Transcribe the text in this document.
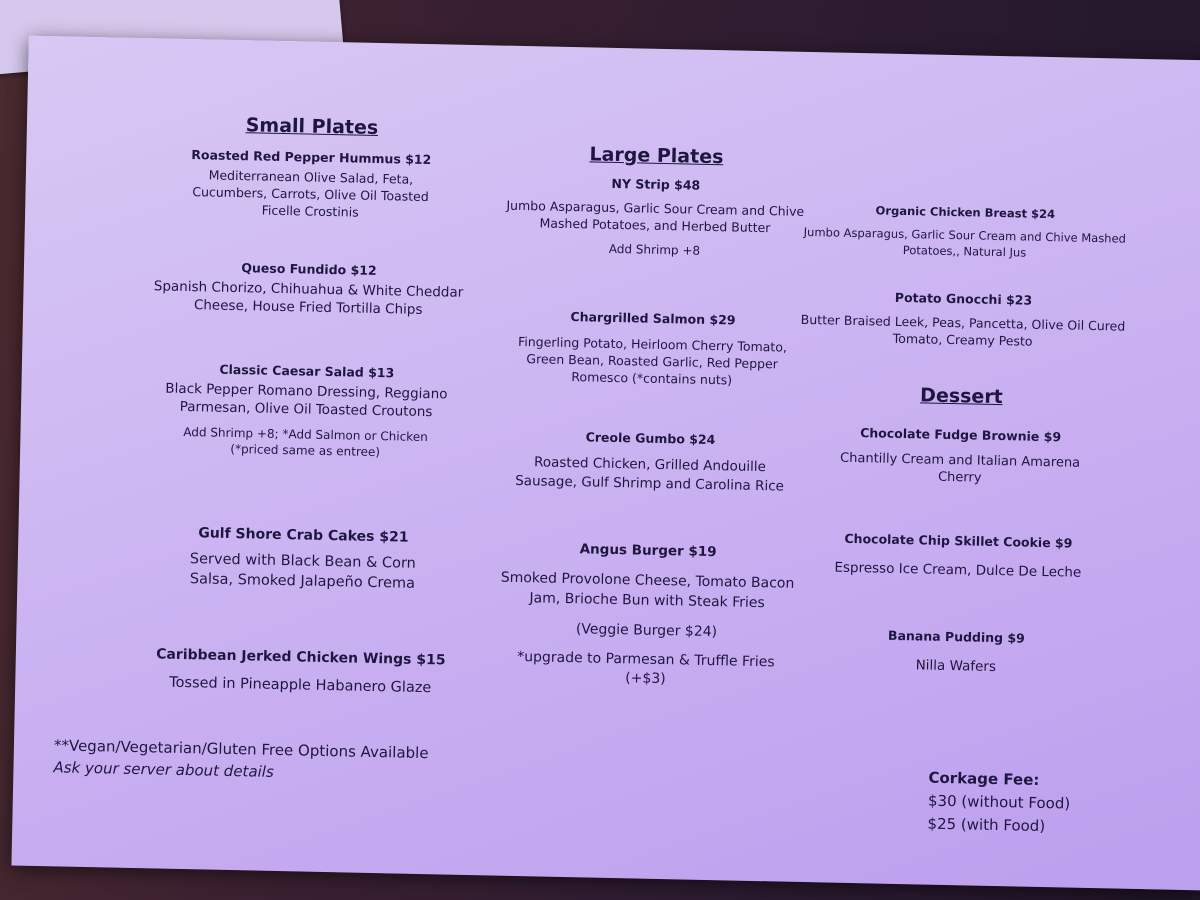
Small Plates

Roasted Red Pepper Hummus $12

Mediterranean Olive Salad, Feta, Cucumbers, Carrots, Olive Oil Toasted Ficelle Crostinis

Queso Fundido $12

Spanish Chorizo, Chihuahua & White Cheddar Cheese, House Fried Tortilla Chips

Classic Caesar Salad $13

Black Pepper Romano Dressing, Reggiano Parmesan, Olive Oil Toasted Croutons

Add Shrimp +8; *Add Salmon or Chicken (*priced same as entree)

Gulf Shore Crab Cakes $21

Served with Black Bean & Corn Salsa, Smoked Jalapeño Crema

Caribbean Jerked Chicken Wings $15

Tossed in Pineapple Habanero Glaze

**Vegan/Vegetarian/Gluten Free Options Available
Ask your server about details

Large Plates

NY Strip $48

Jumbo Asparagus, Garlic Sour Cream and Chive Mashed Potatoes, and Herbed Butter

Add Shrimp +8

Chargrilled Salmon $29

Fingerling Potato, Heirloom Cherry Tomato, Green Bean, Roasted Garlic, Red Pepper Romesco (*contains nuts)

Creole Gumbo $24

Roasted Chicken, Grilled Andouille Sausage, Gulf Shrimp and Carolina Rice

Angus Burger $19

Smoked Provolone Cheese, Tomato Bacon Jam, Brioche Bun with Steak Fries

(Veggie Burger $24)

*upgrade to Parmesan & Truffle Fries (+$3)

Organic Chicken Breast $24

Jumbo Asparagus, Garlic Sour Cream and Chive Mashed Potatoes,, Natural Jus

Potato Gnocchi $23

Butter Braised Leek, Peas, Pancetta, Olive Oil Cured Tomato, Creamy Pesto

Dessert

Chocolate Fudge Brownie $9

Chantilly Cream and Italian Amarena Cherry

Chocolate Chip Skillet Cookie $9

Espresso Ice Cream, Dulce De Leche

Banana Pudding $9

Nilla Wafers

Corkage Fee:
$30 (without Food)
$25 (with Food)
